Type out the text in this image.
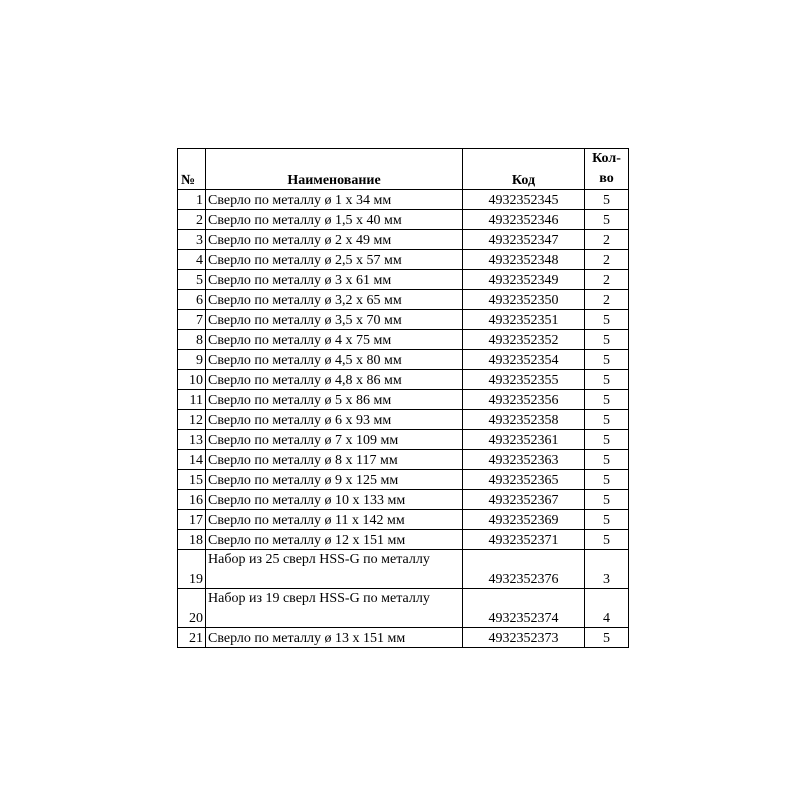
№	Наименование	Код	Кол-во
1	Сверло по металлу ø 1 x 34 мм	4932352345	5
2	Сверло по металлу ø 1,5 x 40 мм	4932352346	5
3	Сверло по металлу ø 2 x 49 мм	4932352347	2
4	Сверло по металлу ø 2,5 x 57 мм	4932352348	2
5	Сверло по металлу ø 3 x 61 мм	4932352349	2
6	Сверло по металлу ø 3,2 x 65 мм	4932352350	2
7	Сверло по металлу ø 3,5 x 70 мм	4932352351	5
8	Сверло по металлу ø 4 x 75 мм	4932352352	5
9	Сверло по металлу ø 4,5 x 80 мм	4932352354	5
10	Сверло по металлу ø 4,8 x 86 мм	4932352355	5
11	Сверло по металлу ø 5 x 86 мм	4932352356	5
12	Сверло по металлу ø 6 x 93 мм	4932352358	5
13	Сверло по металлу ø 7 x 109 мм	4932352361	5
14	Сверло по металлу ø 8 x 117 мм	4932352363	5
15	Сверло по металлу ø 9 x 125 мм	4932352365	5
16	Сверло по металлу ø 10 x 133 мм	4932352367	5
17	Сверло по металлу ø 11 x 142 мм	4932352369	5
18	Сверло по металлу ø 12 x 151 мм	4932352371	5
19	Набор из 25 сверл HSS-G по металлу	4932352376	3
20	Набор из 19 сверл HSS-G по металлу	4932352374	4
21	Сверло по металлу ø 13 x 151 мм	4932352373	5
